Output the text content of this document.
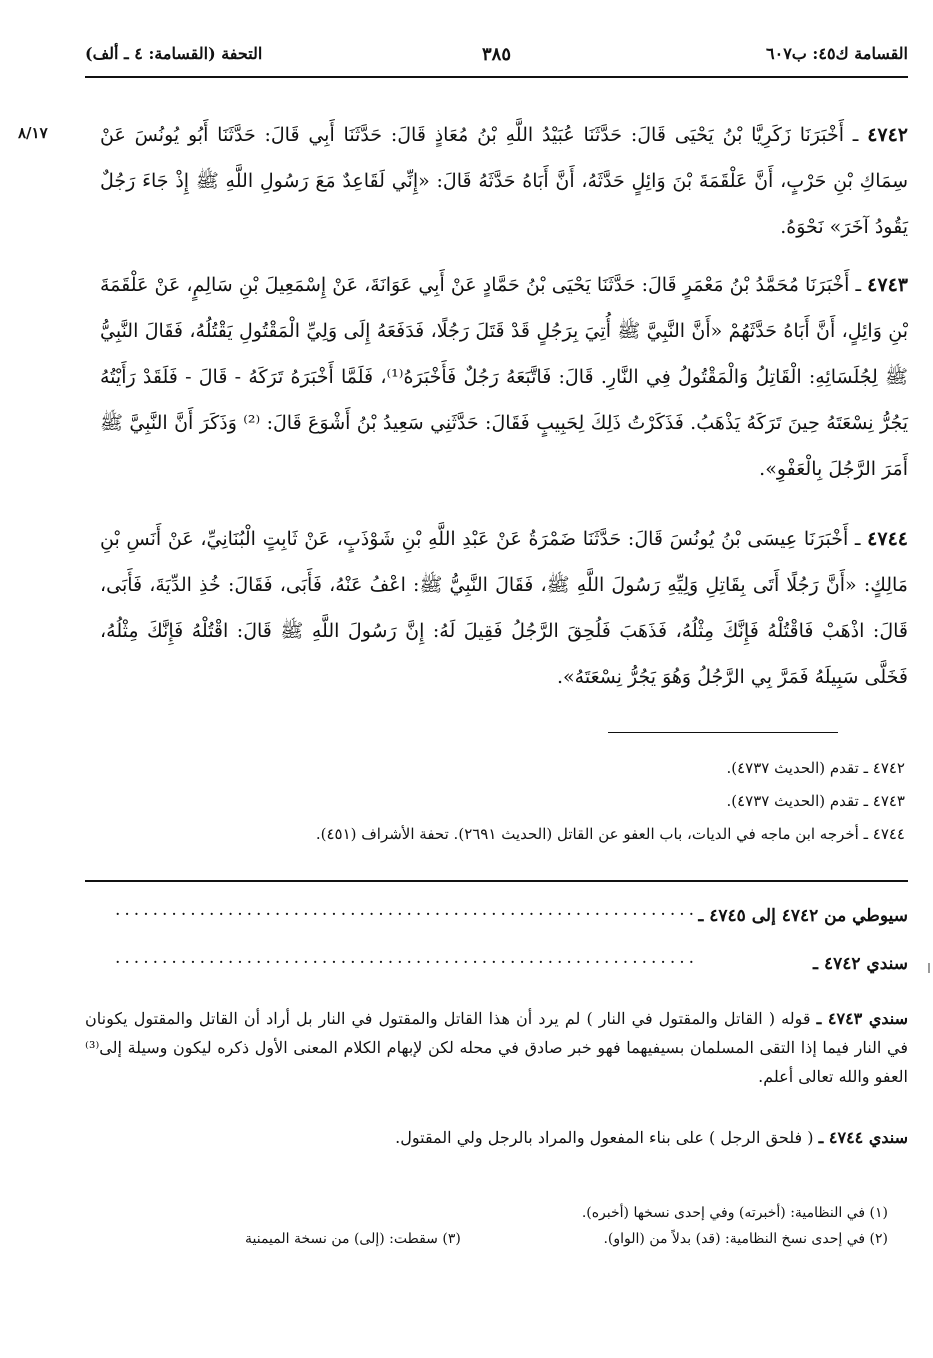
القسامة ك٤٥: ب٦٠٧
٣٨٥
التحفة (القسامة: ٤ ـ ألف)
٨/١٧	٤٧٤٢ ـ أَخْبَرَنَا زَكَرِيَّا بْنُ يَحْيَى قَالَ: حَدَّثَنَا عُبَيْدُ اللَّهِ بْنُ مُعَاذٍ قَالَ: حَدَّثَنَا أَبِي قَالَ: حَدَّثَنَا أَبُو يُونُسَ عَنْ سِمَاكِ بْنِ حَرْبٍ، أَنَّ عَلْقَمَةَ بْنَ وَائِلٍ حَدَّثَهُ، أَنَّ أَبَاهُ حَدَّثَهُ قَالَ: «إِنِّي لَقَاعِدٌ مَعَ رَسُولِ اللَّهِ ﷺ إِذْ جَاءَ رَجُلٌ يَقُودُ آخَرَ» نَحْوَهُ.
٤٧٤٣ ـ أَخْبَرَنَا مُحَمَّدُ بْنُ مَعْمَرٍ قَالَ: حَدَّثَنَا يَحْيَى بْنُ حَمَّادٍ عَنْ أَبِي عَوَانَةَ، عَنْ إِسْمَعِيلَ بْنِ سَالِمٍ، عَنْ عَلْقَمَةَ بْنِ وَائِلٍ، أَنَّ أَبَاهُ حَدَّثَهُمْ «أَنَّ النَّبِيَّ ﷺ أُتِيَ بِرَجُلٍ قَدْ قَتَلَ رَجُلًا، فَدَفَعَهُ إِلَى وَلِيِّ الْمَقْتُولِ يَقْتُلُهُ، فَقَالَ النَّبِيُّ ﷺ لِجُلَسَائِهِ: الْقَاتِلُ وَالْمَقْتُولُ فِي النَّارِ. قَالَ: فَاتَّبَعَهُ رَجُلٌ فَأَخْبَرَهُ⁽¹⁾، فَلَمَّا أَخْبَرَهُ تَرَكَهُ - قَالَ - فَلَقَدْ رَأَيْتُهُ يَجُرُّ نِسْعَتَهُ حِينَ تَرَكَهُ يَذْهَبُ. فَذَكَرْتُ ذَلِكَ لِحَبِيبٍ فَقَالَ: حَدَّثَنِي سَعِيدُ بْنُ أَشْوَعَ قَالَ: ⁽²⁾ وَذَكَرَ أَنَّ النَّبِيَّ ﷺ أَمَرَ الرَّجُلَ بِالْعَفْوِ».
٤٧٤٤ ـ أَخْبَرَنَا عِيسَى بْنُ يُونُسَ قَالَ: حَدَّثَنَا ضَمْرَةُ عَنْ عَبْدِ اللَّهِ بْنِ شَوْذَبٍ، عَنْ ثَابِتٍ الْبُنَانِيِّ، عَنْ أَنَسِ بْنِ مَالِكٍ: «أَنَّ رَجُلًا أَتَى بِقَاتِلِ وَلِيِّهِ رَسُولَ اللَّهِ ﷺ، فَقَالَ النَّبِيُّ ﷺ: اعْفُ عَنْهُ، فَأَبَى، فَقَالَ: خُذِ الدِّيَةَ، فَأَبَى، قَالَ: اذْهَبْ فَاقْتُلْهُ فَإِنَّكَ مِثْلُهُ، فَذَهَبَ فَلُحِقَ الرَّجُلُ فَقِيلَ لَهُ: إِنَّ رَسُولَ اللَّهِ ﷺ قَالَ: اقْتُلْهُ فَإِنَّكَ مِثْلُهُ، فَخَلَّى سَبِيلَهُ فَمَرَّ بِي الرَّجُلُ وَهُوَ يَجُرُّ نِسْعَتَهُ».
٤٧٤٢ ـ تقدم (الحديث ٤٧٣٧).
٤٧٤٣ ـ تقدم (الحديث ٤٧٣٧).
٤٧٤٤ ـ أخرجه ابن ماجه في الديات، باب العفو عن القاتل (الحديث ٢٦٩١). تحفة الأشراف (٤٥١).
سيوطي من ٤٧٤٢ إلى ٤٧٤٥ ـ
..............................................................
سندي ٤٧٤٢ ـ
..............................................................
سندي ٤٧٤٣ ـ قوله ( القاتل والمقتول في النار ) لم يرد أن هذا القاتل والمقتول في النار بل أراد أن القاتل والمقتول يكونان في النار فيما إذا التقى المسلمان بسيفيهما فهو خبر صادق في محله لكن لإبهام الكلام المعنى الأول ذكره ليكون وسيلة إلى⁽³⁾ العفو والله تعالى أعلم.
سندي ٤٧٤٤ ـ ( فلحق الرجل ) على بناء المفعول والمراد بالرجل ولي المقتول.
(١) في النظامية: (أخبرته) وفي إحدى نسخها (أخبره).
(٢) في إحدى نسخ النظامية: (قد) بدلاً من (الواو).
(٣) سقطت: (إلى) من نسخة الميمنية
